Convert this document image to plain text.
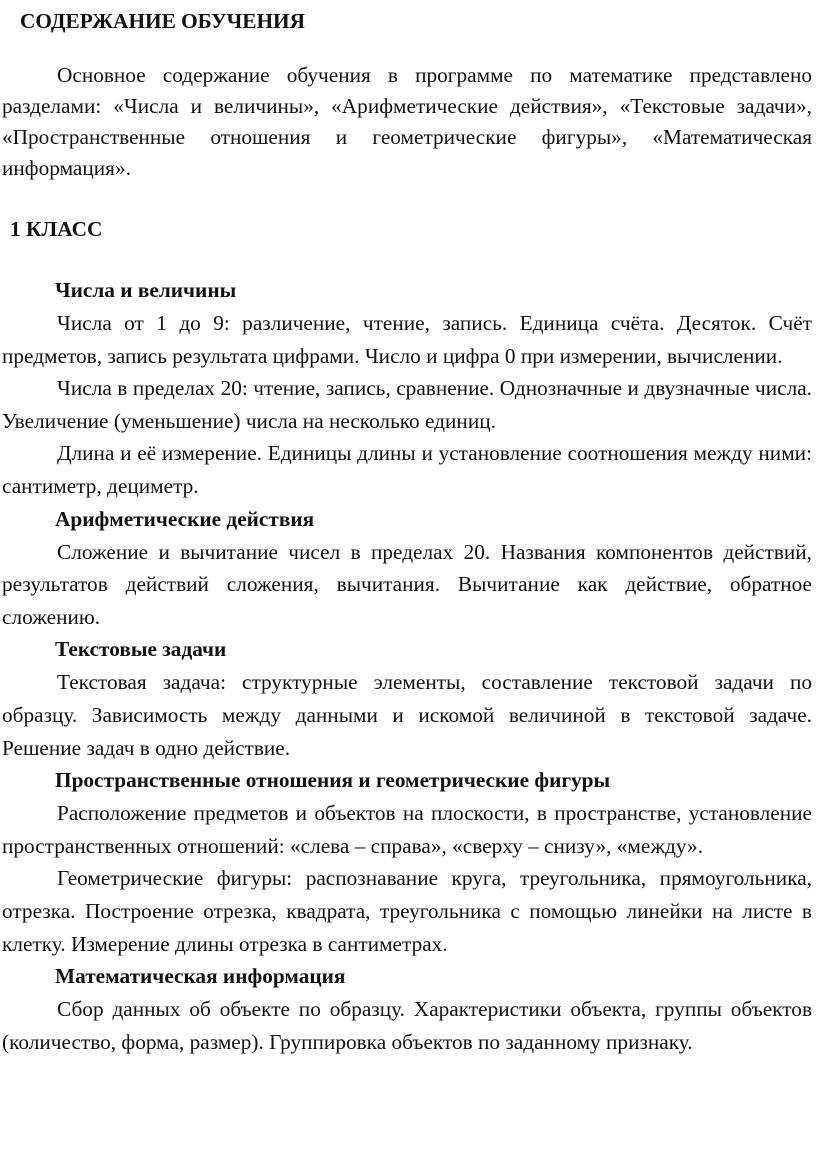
СОДЕРЖАНИЕ ОБУЧЕНИЯ

Основное содержание обучения в программе по математике представлено разделами: «Числа и величины», «Арифметические действия», «Текстовые задачи», «Пространственные отношения и геометрические фигуры», «Математическая информация».

1 КЛАСС
Числа и величины

Числа от 1 до 9: различение, чтение, запись. Единица счёта. Десяток. Счёт предметов, запись результата цифрами. Число и цифра 0 при измерении, вычислении.

Числа в пределах 20: чтение, запись, сравнение. Однозначные и двузначные числа. Увеличение (уменьшение) числа на несколько единиц.

Длина и её измерение. Единицы длины и установление соотношения между ними: сантиметр, дециметр.

Арифметические действия

Сложение и вычитание чисел в пределах 20. Названия компонентов действий, результатов действий сложения, вычитания. Вычитание как действие, обратное сложению.

Текстовые задачи

Текстовая задача: структурные элементы, составление текстовой задачи по образцу. Зависимость между данными и искомой величиной в текстовой задаче. Решение задач в одно действие.

Пространственные отношения и геометрические фигуры

Расположение предметов и объектов на плоскости, в пространстве, установление пространственных отношений: «слева – справа», «сверху – снизу», «между».

Геометрические фигуры: распознавание круга, треугольника, прямоугольника, отрезка. Построение отрезка, квадрата, треугольника с помощью линейки на листе в клетку. Измерение длины отрезка в сантиметрах.

Математическая информация

Сбор данных об объекте по образцу. Характеристики объекта, группы объектов (количество, форма, размер). Группировка объектов по заданному признаку.
